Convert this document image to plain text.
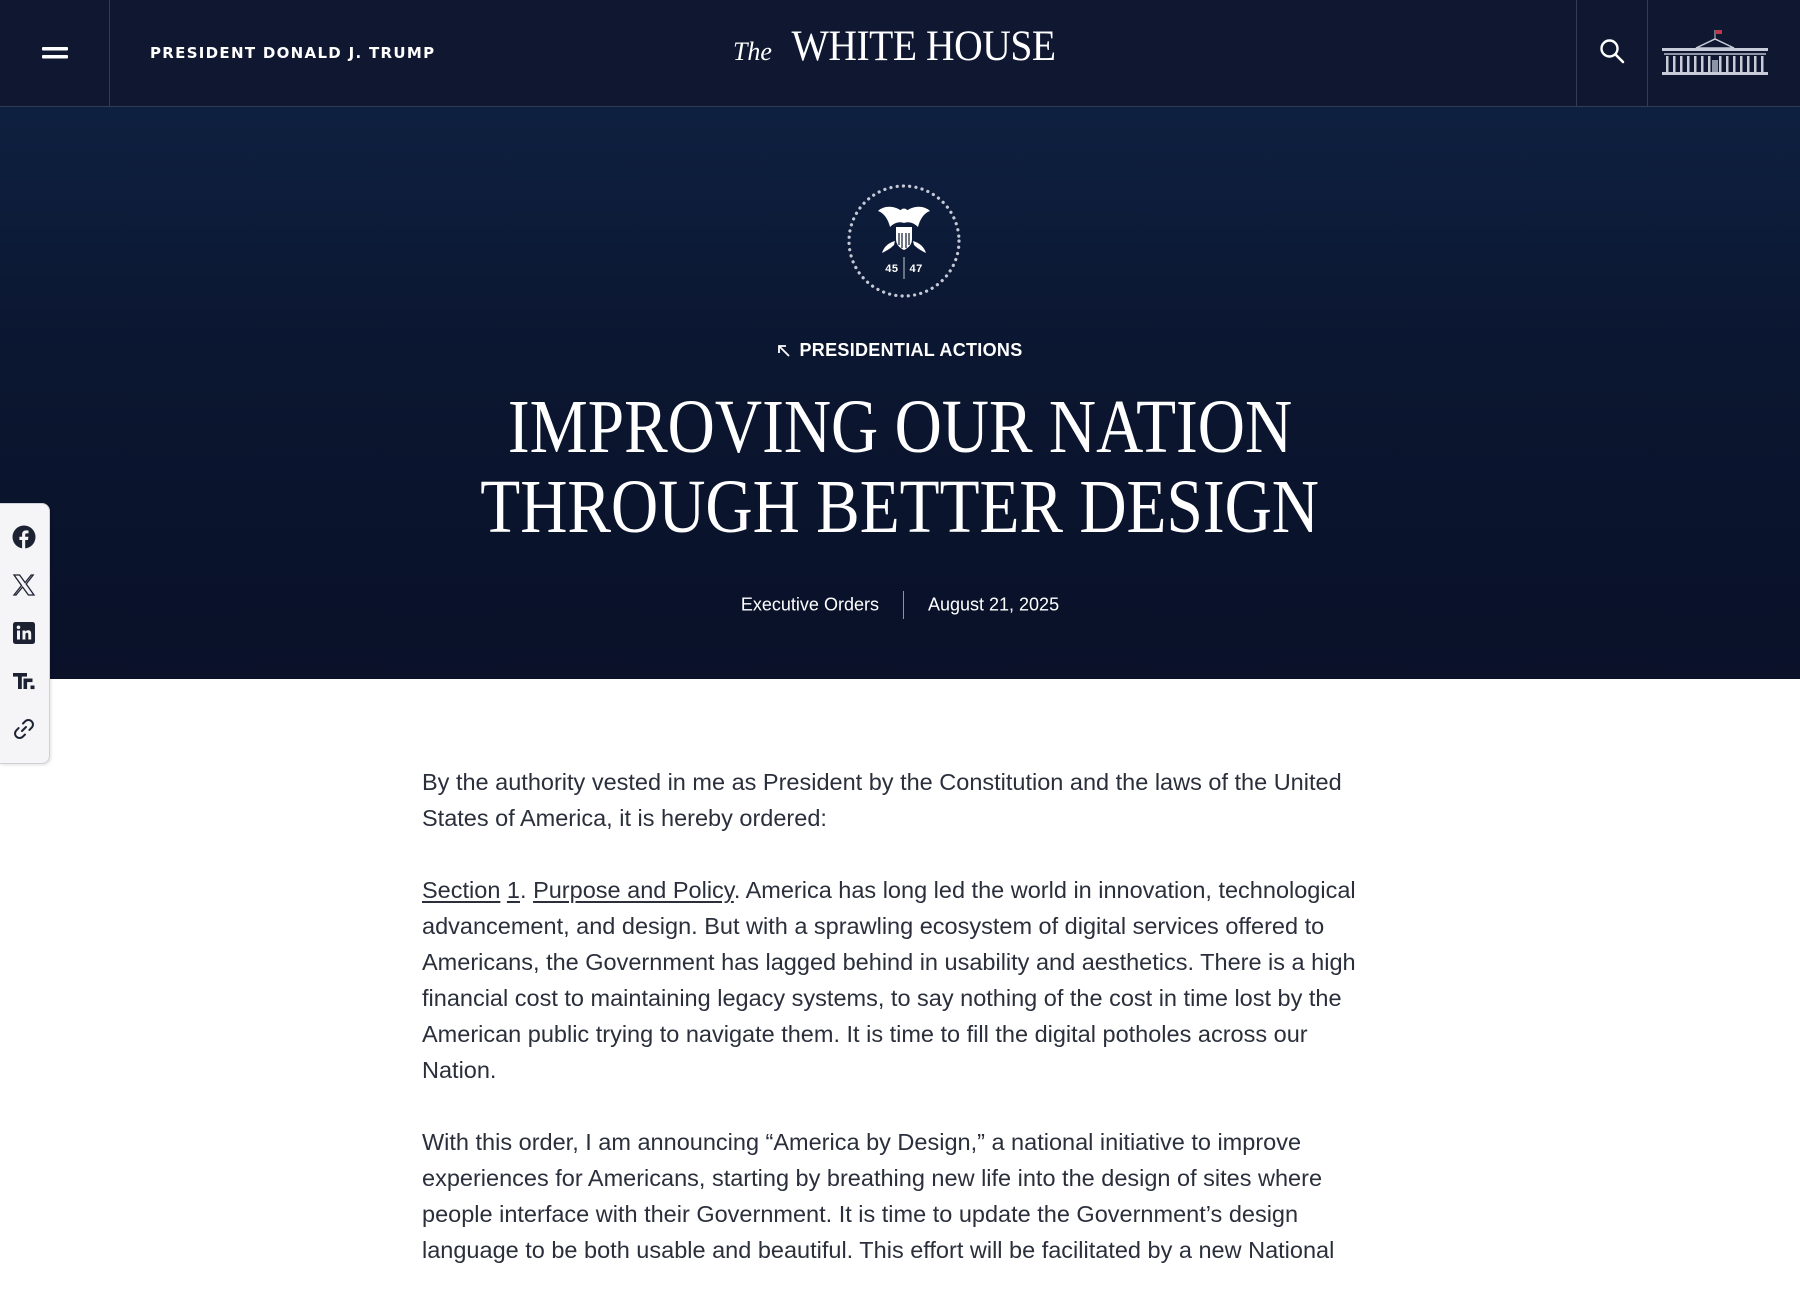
PRESIDENT DONALD J. TRUMP	The WHITE HOUSE
45 47
PRESIDENTIAL ACTIONS
IMPROVING OUR NATION
THROUGH BETTER DESIGN
Executive Orders	August 21, 2025

By the authority vested in me as President by the Constitution and the laws of the United States of America, it is hereby ordered:

Section 1. Purpose and Policy. America has long led the world in innovation, technological advancement, and design. But with a sprawling ecosystem of digital services offered to Americans, the Government has lagged behind in usability and aesthetics. There is a high financial cost to maintaining legacy systems, to say nothing of the cost in time lost by the American public trying to navigate them. It is time to fill the digital potholes across our Nation.

With this order, I am announcing “America by Design,” a national initiative to improve experiences for Americans, starting by breathing new life into the design of sites where people interface with their Government. It is time to update the Government’s design language to be both usable and beautiful. This effort will be facilitated by a new National
